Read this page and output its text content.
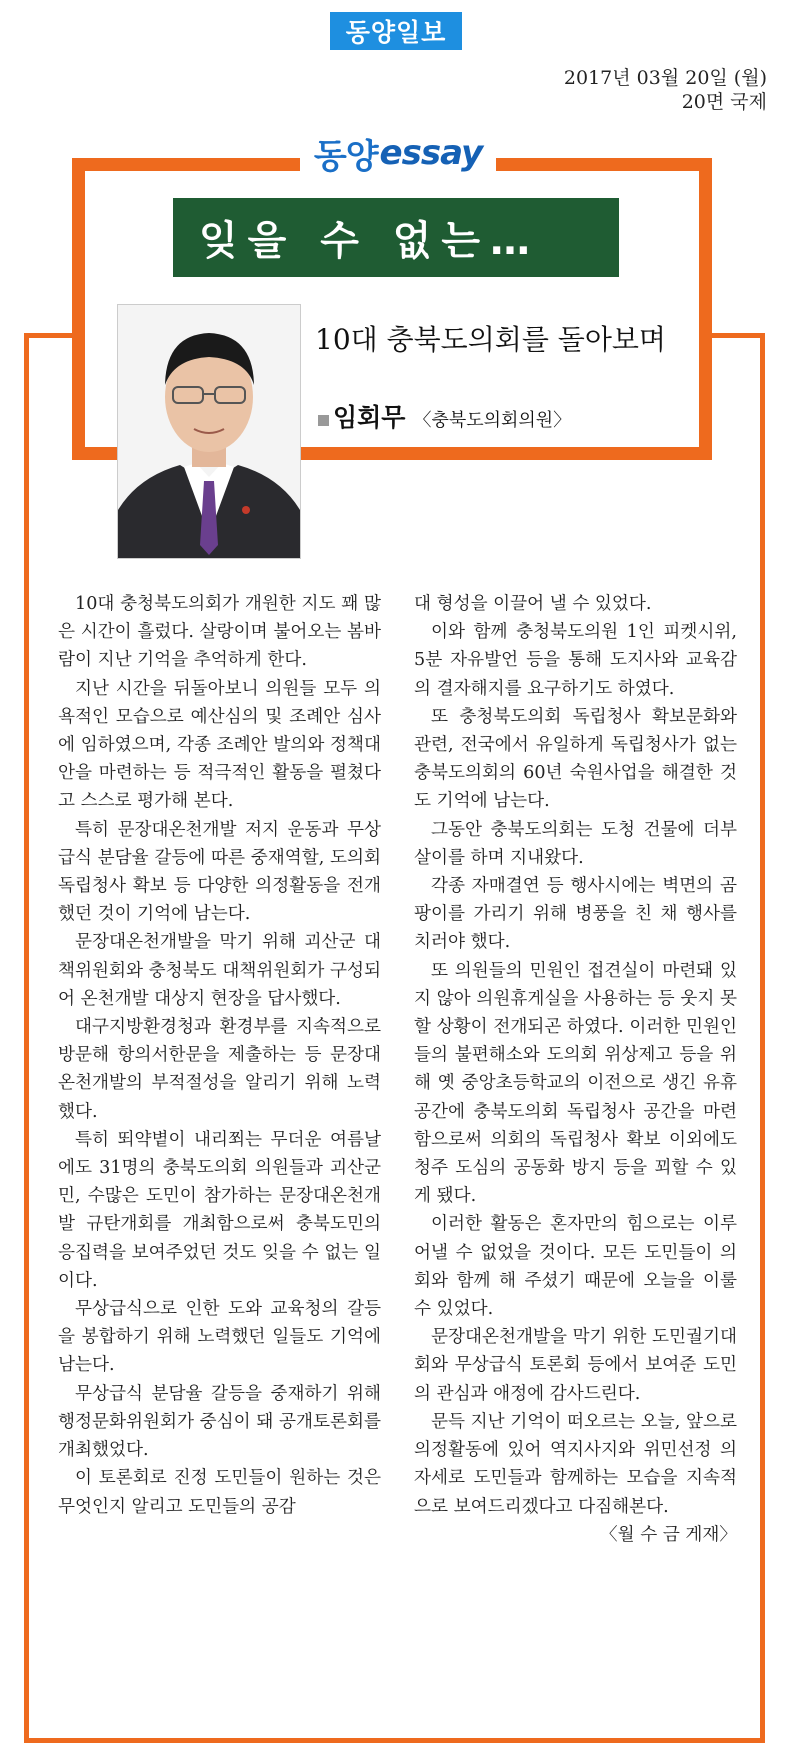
동양일보
2017년 03월 20일 (월)
20면 국제
동양 essay
잊을 수 없는…
10대 충북도의회를 돌아보며
임회무 〈충북도의회의원〉

10대 충청북도의회가 개원한 지도 꽤 많은 시간이 흘렀다. 살랑이며 불어오는 봄바람이 지난 기억을 추억하게 한다.

지난 시간을 뒤돌아보니 의원들 모두 의욕적인 모습으로 예산심의 및 조례안 심사에 임하였으며, 각종 조례안 발의와 정책대안을 마련하는 등 적극적인 활동을 펼쳤다고 스스로 평가해 본다.

특히 문장대온천개발 저지 운동과 무상급식 분담율 갈등에 따른 중재역할, 도의회 독립청사 확보 등 다양한 의정활동을 전개했던 것이 기억에 남는다.

문장대온천개발을 막기 위해 괴산군 대책위원회와 충청북도 대책위원회가 구성되어 온천개발 대상지 현장을 답사했다.

대구지방환경청과 환경부를 지속적으로 방문해 항의서한문을 제출하는 등 문장대온천개발의 부적절성을 알리기 위해 노력했다.

특히 뙤약볕이 내리쬐는 무더운 여름날에도 31명의 충북도의회 의원들과 괴산군민, 수많은 도민이 참가하는 문장대온천개발 규탄개회를 개최함으로써 충북도민의 응집력을 보여주었던 것도 잊을 수 없는 일이다.

무상급식으로 인한 도와 교육청의 갈등을 봉합하기 위해 노력했던 일들도 기억에 남는다.

무상급식 분담율 갈등을 중재하기 위해 행정문화위원회가 중심이 돼 공개토론회를 개최했었다.

이 토론회로 진정 도민들이 원하는 것은 무엇인지 알리고 도민들의 공감

대 형성을 이끌어 낼 수 있었다.

이와 함께 충청북도의원 1인 피켓시위, 5분 자유발언 등을 통해 도지사와 교육감의 결자해지를 요구하기도 하였다.

또 충청북도의회 독립청사 확보문화와 관련, 전국에서 유일하게 독립청사가 없는 충북도의회의 60년 숙원사업을 해결한 것도 기억에 남는다.

그동안 충북도의회는 도청 건물에 더부살이를 하며 지내왔다.

각종 자매결연 등 행사시에는 벽면의 곰팡이를 가리기 위해 병풍을 친 채 행사를 치러야 했다.

또 의원들의 민원인 접견실이 마련돼 있지 않아 의원휴게실을 사용하는 등 웃지 못 할 상황이 전개되곤 하였다. 이러한 민원인들의 불편해소와 도의회 위상제고 등을 위해 옛 중앙초등학교의 이전으로 생긴 유휴 공간에 충북도의회 독립청사 공간을 마련함으로써 의회의 독립청사 확보 이외에도 청주 도심의 공동화 방지 등을 꾀할 수 있게 됐다.

이러한 활동은 혼자만의 힘으로는 이루어낼 수 없었을 것이다. 모든 도민들이 의회와 함께 해 주셨기 때문에 오늘을 이룰 수 있었다.

문장대온천개발을 막기 위한 도민궐기대회와 무상급식 토론회 등에서 보여준 도민의 관심과 애정에 감사드린다.

문득 지난 기억이 떠오르는 오늘, 앞으로 의정활동에 있어 역지사지와 위민선정 의 자세로 도민들과 함께하는 모습을 지속적으로 보여드리겠다고 다짐해본다.
〈월 수 금 게재〉
